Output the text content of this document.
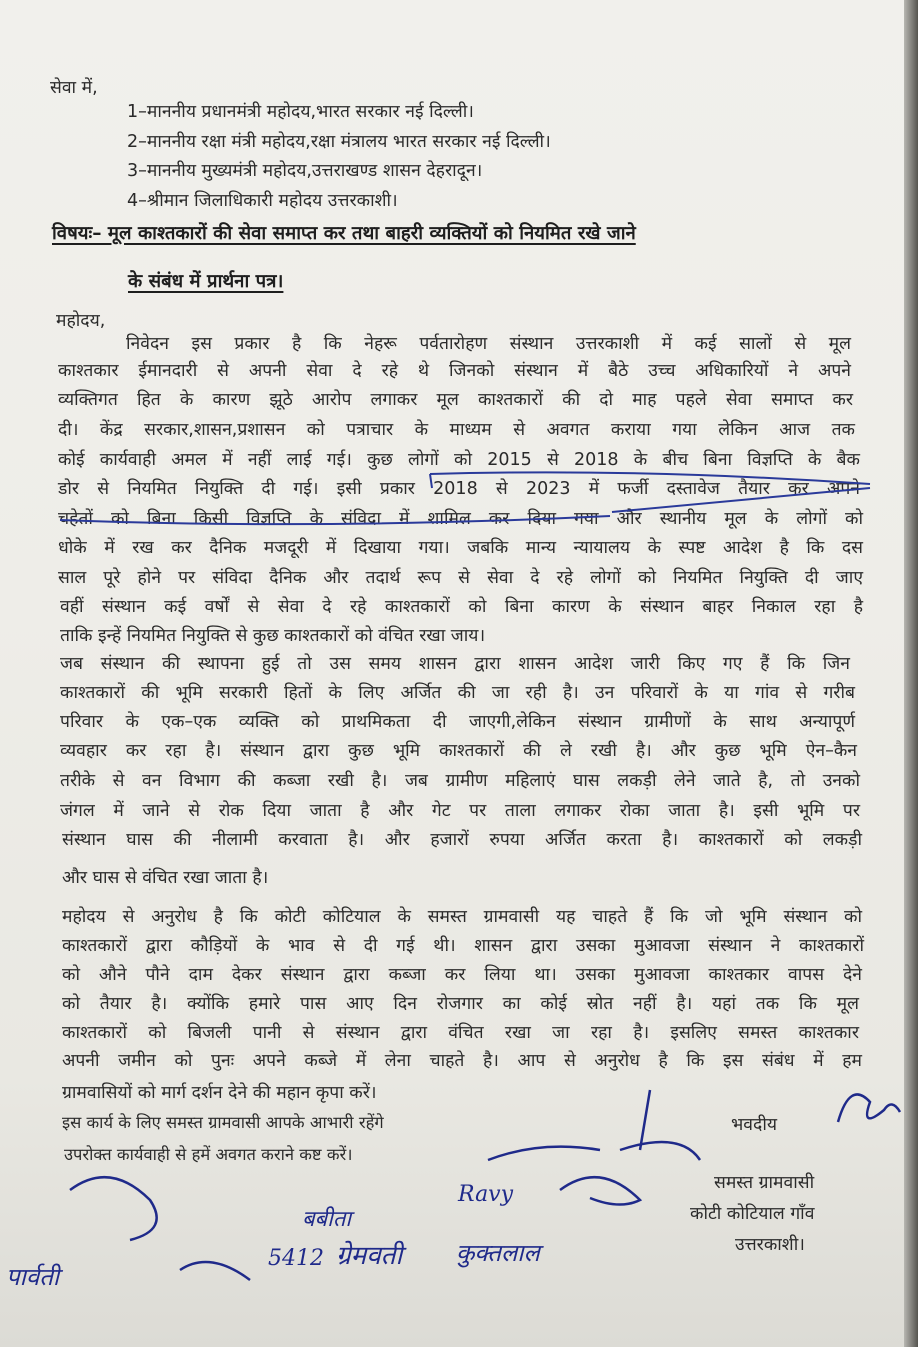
सेवा में,
1–माननीय प्रधानमंत्री महोदय,भारत सरकार नई दिल्ली।
2–माननीय रक्षा मंत्री महोदय,रक्षा मंत्रालय भारत सरकार नई दिल्ली।
3–माननीय मुख्यमंत्री महोदय,उत्तराखण्ड शासन देहरादून।
4–श्रीमान जिलाधिकारी महोदय उत्तरकाशी।
विषयः– मूल काश्तकारों की सेवा समाप्त कर तथा बाहरी व्यक्तियों को नियमित रखे जाने
के संबंध में प्रार्थना पत्र।
महोदय,
निवेदन इस प्रकार है कि नेहरू पर्वतारोहण संस्थान उत्तरकाशी में कई सालों से मूल
काश्तकार ईमानदारी से अपनी सेवा दे रहे थे जिनको संस्थान में बैठे उच्च अधिकारियों ने अपने
व्यक्तिगत हित के कारण झूठे आरोप लगाकर मूल काश्तकारों की दो माह पहले सेवा समाप्त कर
दी। केंद्र सरकार,शासन,प्रशासन को पत्राचार के माध्यम से अवगत कराया गया लेकिन आज तक
कोई कार्यवाही अमल में नहीं लाई गई। कुछ लोगों को 2015 से 2018 के बीच बिना विज्ञप्ति के बैक
डोर से नियमित नियुक्ति दी गई। इसी प्रकार 2018 से 2023 में फर्जी दस्तावेज तैयार कर अपने
चहेतों को बिना किसी विज्ञप्ति के संविदा में शामिल कर दिया गया और स्थानीय मूल के लोगों को
धोके में रख कर दैनिक मजदूरी में दिखाया गया। जबकि मान्य न्यायालय के स्पष्ट आदेश है कि दस
साल पूरे होने पर संविदा दैनिक और तदार्थ रूप से सेवा दे रहे लोगों को नियमित नियुक्ति दी जाए
वहीं संस्थान कई वर्षों से सेवा दे रहे काश्तकारों को बिना कारण के संस्थान बाहर निकाल रहा है
ताकि इन्हें नियमित नियुक्ति से कुछ काश्तकारों को वंचित रखा जाय।
जब संस्थान की स्थापना हुई तो उस समय शासन द्वारा शासन आदेश जारी किए गए हैं कि जिन
काश्तकारों की भूमि सरकारी हितों के लिए अर्जित की जा रही है। उन परिवारों के या गांव से गरीब
परिवार के एक–एक व्यक्ति को प्राथमिकता दी जाएगी,लेकिन संस्थान ग्रामीणों के साथ अन्यापूर्ण
व्यवहार कर रहा है। संस्थान द्वारा कुछ भूमि काश्तकारों की ले रखी है। और कुछ भूमि ऐन–कैन
तरीके से वन विभाग की कब्जा रखी है। जब ग्रामीण महिलाएं घास लकड़ी लेने जाते है, तो उनको
जंगल में जाने से रोक दिया जाता है और गेट पर ताला लगाकर रोका जाता है। इसी भूमि पर
संस्थान घास की नीलामी करवाता है। और हजारों रुपया अर्जित करता है। काश्तकारों को लकड़ी
और घास से वंचित रखा जाता है।
महोदय से अनुरोध है कि कोटी कोटियाल के समस्त ग्रामवासी यह चाहते हैं कि जो भूमि संस्थान को
काश्तकारों द्वारा कौड़ियों के भाव से दी गई थी। शासन द्वारा उसका मुआवजा संस्थान ने काश्तकारों
को औने पौने दाम देकर संस्थान द्वारा कब्जा कर लिया था। उसका मुआवजा काश्तकार वापस देने
को तैयार है। क्योंकि हमारे पास आए दिन रोजगार का कोई स्रोत नहीं है। यहां तक कि मूल
काश्तकारों को बिजली पानी से संस्थान द्वारा वंचित रखा जा रहा है। इसलिए समस्त काश्तकार
अपनी जमीन को पुनः अपने कब्जे में लेना चाहते है। आप से अनुरोध है कि इस संबंध में हम
ग्रामवासियों को मार्ग दर्शन देने की महान कृपा करें।
इस कार्य के लिए समस्त ग्रामवासी आपके आभारी रहेंगे
उपरोक्त कार्यवाही से हमें अवगत कराने कष्ट करें।
भवदीय
समस्त ग्रामवासी
कोटी कोटियाल गाँव
उत्तरकाशी।
बबीता
Ravy
ग्रेमवती कुक्तलाल
5412
पार्वती
